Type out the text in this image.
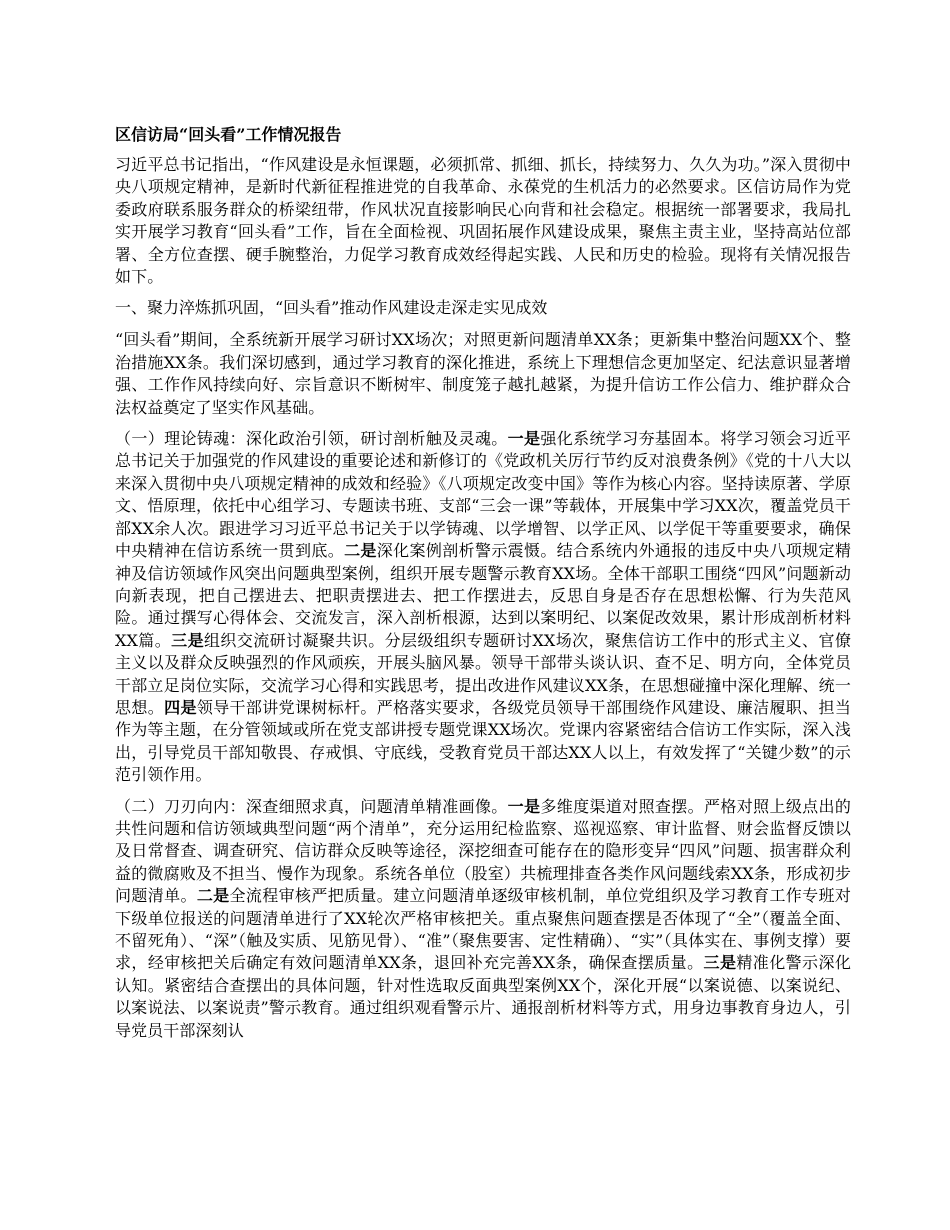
区信访局“回头看”工作情况报告

习近平总书记指出，“作风建设是永恒课题，必须抓常、抓细、抓长，持续努力、久久为功。”深入贯彻中央八项规定精神，是新时代新征程推进党的自我革命、永葆党的生机活力的必然要求。区信访局作为党委政府联系服务群众的桥梁纽带，作风状况直接影响民心向背和社会稳定。根据统一部署要求，我局扎实开展学习教育“回头看”工作，旨在全面检视、巩固拓展作风建设成果，聚焦主责主业，坚持高站位部署、全方位查摆、硬手腕整治，力促学习教育成效经得起实践、人民和历史的检验。现将有关情况报告如下。

一、聚力淬炼抓巩固，“回头看”推动作风建设走深走实见成效

“回头看”期间，全系统新开展学习研讨XX场次；对照更新问题清单XX条；更新集中整治问题XX个、整治措施XX条。我们深切感到，通过学习教育的深化推进，系统上下理想信念更加坚定、纪法意识显著增强、工作作风持续向好、宗旨意识不断树牢、制度笼子越扎越紧，为提升信访工作公信力、维护群众合法权益奠定了坚实作风基础。

（一）理论铸魂：深化政治引领，研讨剖析触及灵魂。一是强化系统学习夯基固本。将学习领会习近平总书记关于加强党的作风建设的重要论述和新修订的《党政机关厉行节约反对浪费条例》《党的十八大以来深入贯彻中央八项规定精神的成效和经验》《八项规定改变中国》等作为核心内容。坚持读原著、学原文、悟原理，依托中心组学习、专题读书班、支部“三会一课”等载体，开展集中学习XX次，覆盖党员干部XX余人次。跟进学习习近平总书记关于以学铸魂、以学增智、以学正风、以学促干等重要要求，确保中央精神在信访系统一贯到底。二是深化案例剖析警示震慑。结合系统内外通报的违反中央八项规定精神及信访领域作风突出问题典型案例，组织开展专题警示教育XX场。全体干部职工围绕“四风”问题新动向新表现，把自己摆进去、把职责摆进去、把工作摆进去，反思自身是否存在思想松懈、行为失范风险。通过撰写心得体会、交流发言，深入剖析根源，达到以案明纪、以案促改效果，累计形成剖析材料XX篇。三是组织交流研讨凝聚共识。分层级组织专题研讨XX场次，聚焦信访工作中的形式主义、官僚主义以及群众反映强烈的作风顽疾，开展头脑风暴。领导干部带头谈认识、查不足、明方向，全体党员干部立足岗位实际，交流学习心得和实践思考，提出改进作风建议XX条，在思想碰撞中深化理解、统一思想。四是领导干部讲党课树标杆。严格落实要求，各级党员领导干部围绕作风建设、廉洁履职、担当作为等主题，在分管领域或所在党支部讲授专题党课XX场次。党课内容紧密结合信访工作实际，深入浅出，引导党员干部知敬畏、存戒惧、守底线，受教育党员干部达XX人以上，有效发挥了“关键少数”的示范引领作用。

（二）刀刃向内：深查细照求真，问题清单精准画像。一是多维度渠道对照查摆。严格对照上级点出的共性问题和信访领域典型问题“两个清单”，充分运用纪检监察、巡视巡察、审计监督、财会监督反馈以及日常督查、调查研究、信访群众反映等途径，深挖细查可能存在的隐形变异“四风”问题、损害群众利益的微腐败及不担当、慢作为现象。系统各单位（股室）共梳理排查各类作风问题线索XX条，形成初步问题清单。二是全流程审核严把质量。建立问题清单逐级审核机制，单位党组织及学习教育工作专班对下级单位报送的问题清单进行了XX轮次严格审核把关。重点聚焦问题查摆是否体现了“全”（覆盖全面、不留死角）、“深”（触及实质、见筋见骨）、“准”（聚焦要害、定性精确）、“实”（具体实在、事例支撑）要求，经审核把关后确定有效问题清单XX条，退回补充完善XX条，确保查摆质量。三是精准化警示深化认知。紧密结合查摆出的具体问题，针对性选取反面典型案例XX个，深化开展“以案说德、以案说纪、以案说法、以案说责”警示教育。通过组织观看警示片、通报剖析材料等方式，用身边事教育身边人，引导党员干部深刻认
